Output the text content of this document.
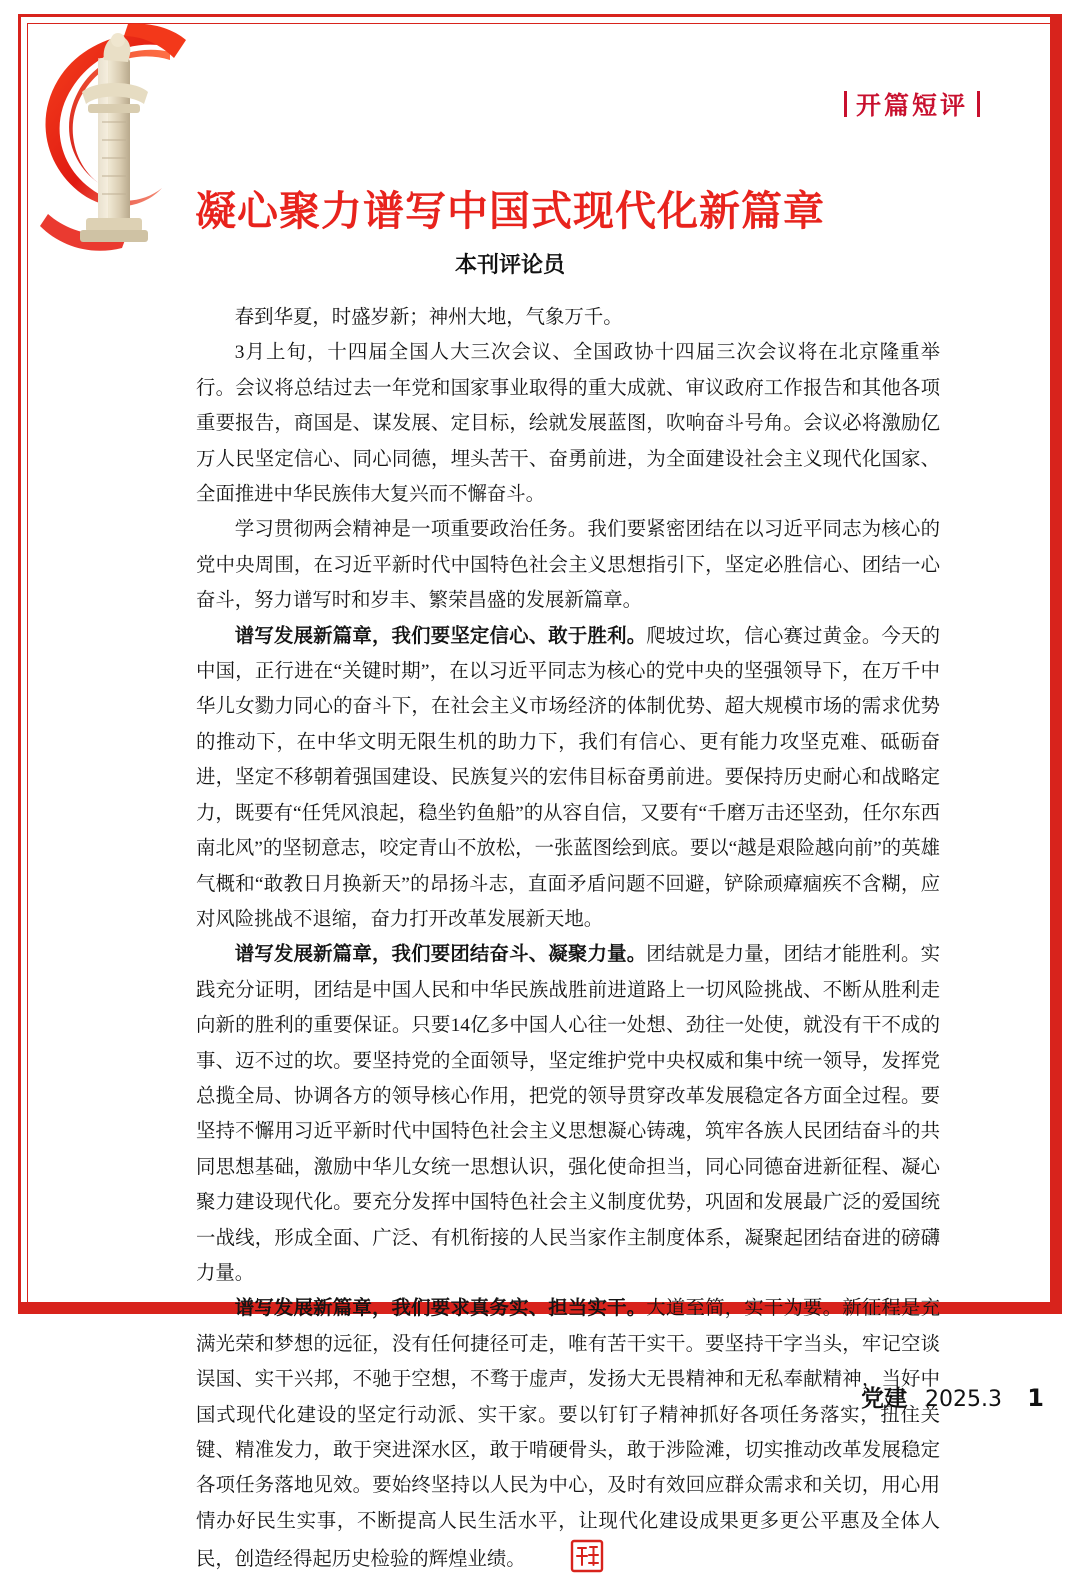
开篇短评
凝心聚力谱写中国式现代化新篇章
本刊评论员

春到华夏，时盛岁新；神州大地，气象万千。

3月上旬，十四届全国人大三次会议、全国政协十四届三次会议将在北京隆重举行。会议将总结过去一年党和国家事业取得的重大成就、审议政府工作报告和其他各项重要报告，商国是、谋发展、定目标，绘就发展蓝图，吹响奋斗号角。会议必将激励亿万人民坚定信心、同心同德，埋头苦干、奋勇前进，为全面建设社会主义现代化国家、全面推进中华民族伟大复兴而不懈奋斗。

学习贯彻两会精神是一项重要政治任务。我们要紧密团结在以习近平同志为核心的党中央周围，在习近平新时代中国特色社会主义思想指引下，坚定必胜信心、团结一心奋斗，努力谱写时和岁丰、繁荣昌盛的发展新篇章。

谱写发展新篇章，我们要坚定信心、敢于胜利。爬坡过坎，信心赛过黄金。今天的中国，正行进在“关键时期”，在以习近平同志为核心的党中央的坚强领导下，在万千中华儿女勠力同心的奋斗下，在社会主义市场经济的体制优势、超大规模市场的需求优势的推动下，在中华文明无限生机的助力下，我们有信心、更有能力攻坚克难、砥砺奋进，坚定不移朝着强国建设、民族复兴的宏伟目标奋勇前进。要保持历史耐心和战略定力，既要有“任凭风浪起，稳坐钓鱼船”的从容自信，又要有“千磨万击还坚劲，任尔东西南北风”的坚韧意志，咬定青山不放松，一张蓝图绘到底。要以“越是艰险越向前”的英雄气概和“敢教日月换新天”的昂扬斗志，直面矛盾问题不回避，铲除顽瘴痼疾不含糊，应对风险挑战不退缩，奋力打开改革发展新天地。

谱写发展新篇章，我们要团结奋斗、凝聚力量。团结就是力量，团结才能胜利。实践充分证明，团结是中国人民和中华民族战胜前进道路上一切风险挑战、不断从胜利走向新的胜利的重要保证。只要14亿多中国人心往一处想、劲往一处使，就没有干不成的事、迈不过的坎。要坚持党的全面领导，坚定维护党中央权威和集中统一领导，发挥党总揽全局、协调各方的领导核心作用，把党的领导贯穿改革发展稳定各方面全过程。要坚持不懈用习近平新时代中国特色社会主义思想凝心铸魂，筑牢各族人民团结奋斗的共同思想基础，激励中华儿女统一思想认识，强化使命担当，同心同德奋进新征程、凝心聚力建设现代化。要充分发挥中国特色社会主义制度优势，巩固和发展最广泛的爱国统一战线，形成全面、广泛、有机衔接的人民当家作主制度体系，凝聚起团结奋进的磅礴力量。

谱写发展新篇章，我们要求真务实、担当实干。大道至简，实干为要。新征程是充满光荣和梦想的远征，没有任何捷径可走，唯有苦干实干。要坚持干字当头，牢记空谈误国、实干兴邦，不驰于空想，不骛于虚声，发扬大无畏精神和无私奉献精神，当好中国式现代化建设的坚定行动派、实干家。要以钉钉子精神抓好各项任务落实，扭住关键、精准发力，敢于突进深水区，敢于啃硬骨头，敢于涉险滩，切实推动改革发展稳定各项任务落地见效。要始终坚持以人民为中心，及时有效回应群众需求和关切，用心用情办好民生实事，不断提高人民生活水平，让现代化建设成果更多更公平惠及全体人民，创造经得起历史检验的辉煌业绩。

党建 2025.3	1
